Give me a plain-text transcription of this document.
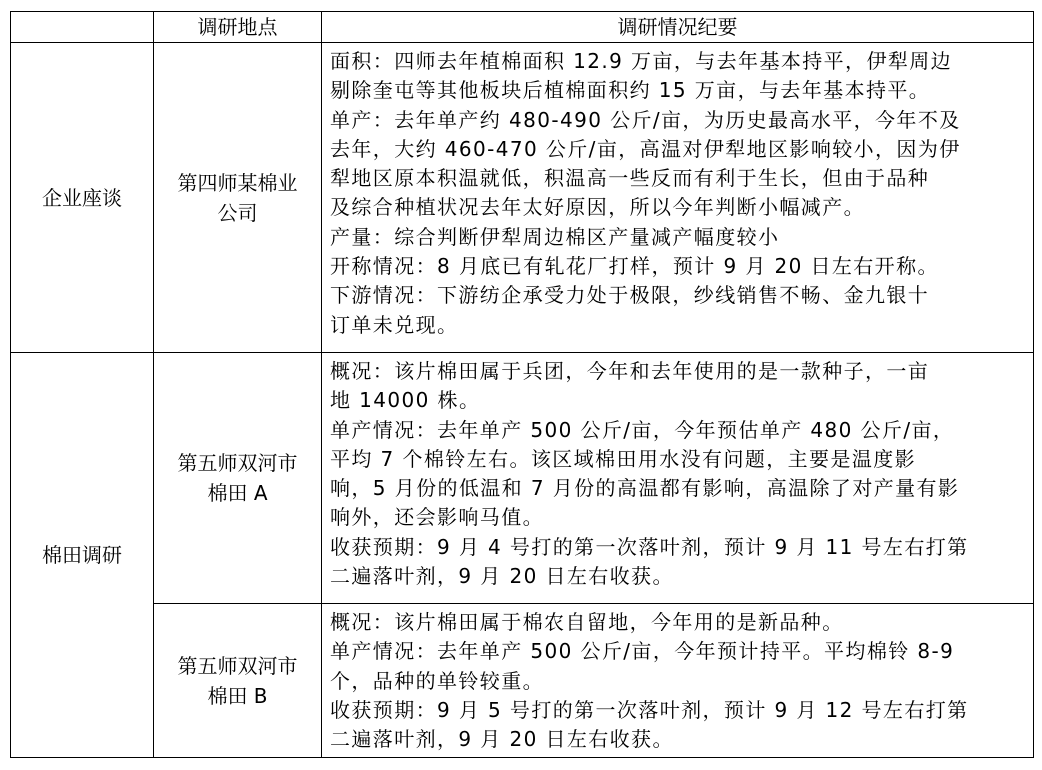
调研地点	调研情况纪要
企业座谈
第四师某棉业
公司
面积：四师去年植棉面积 12.9 万亩，与去年基本持平，伊犁周边
剔除奎屯等其他板块后植棉面积约 15 万亩，与去年基本持平。
单产：去年单产约 480-490 公斤/亩，为历史最高水平，今年不及
去年，大约 460-470 公斤/亩，高温对伊犁地区影响较小，因为伊
犁地区原本积温就低，积温高一些反而有利于生长，但由于品种
及综合种植状况去年太好原因，所以今年判断小幅减产。
产量：综合判断伊犁周边棉区产量减产幅度较小
开称情况：8 月底已有轧花厂打样，预计 9 月 20 日左右开称。
下游情况：下游纺企承受力处于极限，纱线销售不畅、金九银十
订单未兑现。
棉田调研
第五师双河市
棉田 A
概况：该片棉田属于兵团，今年和去年使用的是一款种子，一亩
地 14000 株。
单产情况：去年单产 500 公斤/亩，今年预估单产 480 公斤/亩，
平均 7 个棉铃左右。该区域棉田用水没有问题，主要是温度影
响，5 月份的低温和 7 月份的高温都有影响，高温除了对产量有影
响外，还会影响马值。
收获预期：9 月 4 号打的第一次落叶剂，预计 9 月 11 号左右打第
二遍落叶剂，9 月 20 日左右收获。
第五师双河市
棉田 B
概况：该片棉田属于棉农自留地，今年用的是新品种。
单产情况：去年单产 500 公斤/亩，今年预计持平。平均棉铃 8-9
个，品种的单铃较重。
收获预期：9 月 5 号打的第一次落叶剂，预计 9 月 12 号左右打第
二遍落叶剂，9 月 20 日左右收获。
